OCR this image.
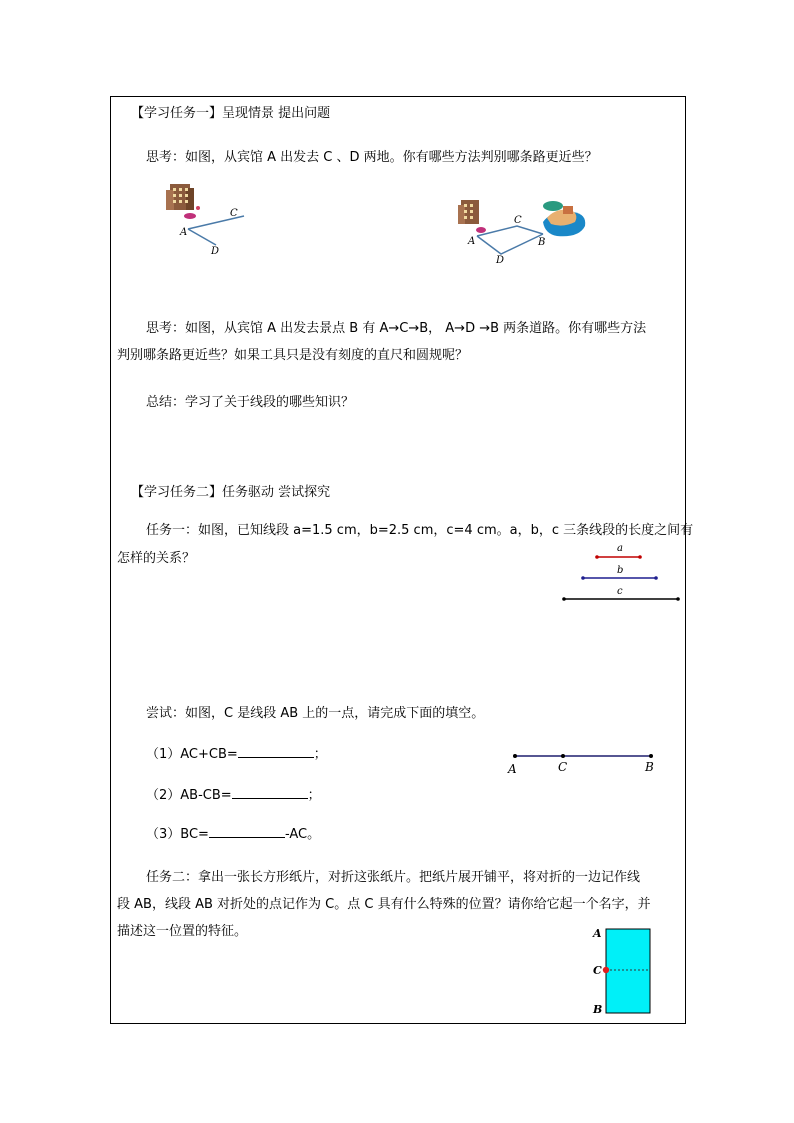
【学习任务一】呈现情景 提出问题
思考：如图，从宾馆 A 出发去 C 、D 两地。你有哪些方法判别哪条路更近些？
A
C
D
A
C
B
D
思考：如图，从宾馆 A 出发去景点 B 有 A→C→B， A→D →B 两条道路。你有哪些方法
判别哪条路更近些？如果工具只是没有刻度的直尺和圆规呢？
总结：学习了关于线段的哪些知识？
【学习任务二】任务驱动 尝试探究
任务一：如图，已知线段 a=1.5 cm，b=2.5 cm，c=4 cm。a，b，c 三条线段的长度之间有
怎样的关系？
a
b
c
尝试：如图，C 是线段 AB 上的一点，请完成下面的填空。
A	C	B
（1）AC+CB=	；
（2）AB-CB=	；
（3）BC=	-AC。
任务二：拿出一张长方形纸片，对折这张纸片。把纸片展开铺平，将对折的一边记作线
段 AB，线段 AB 对折处的点记作为 C。点 C 具有什么特殊的位置？请你给它起一个名字，并
描述这一位置的特征。	A
C
B
